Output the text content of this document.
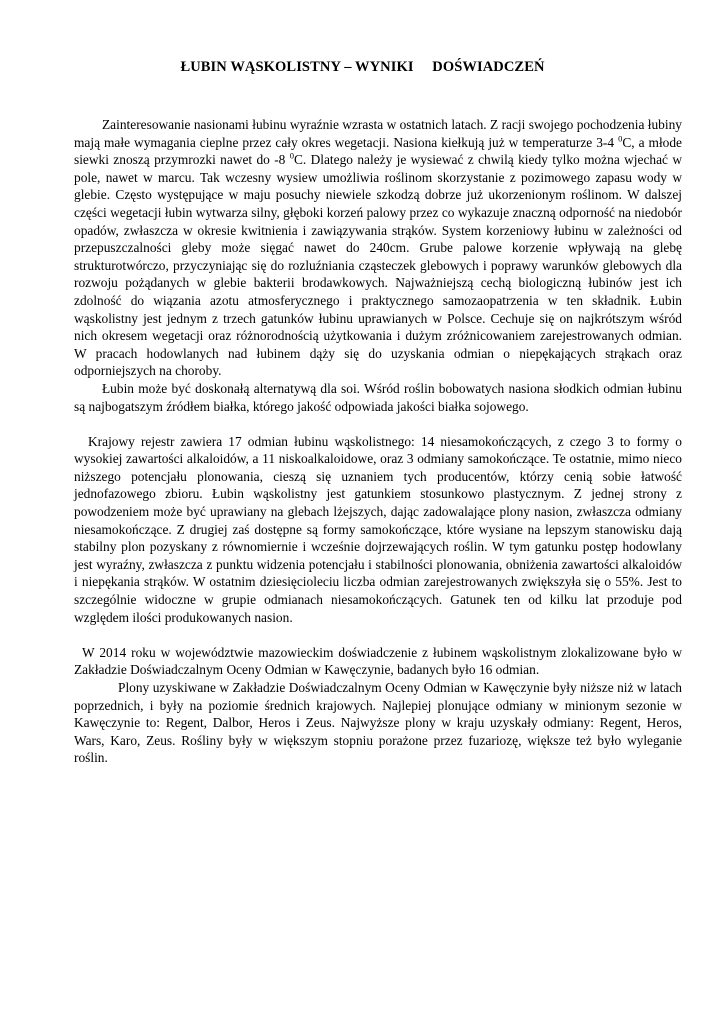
ŁUBIN WĄSKOLISTNY – WYNIKI     DOŚWIADCZEŃ

Zainteresowanie nasionami łubinu wyraźnie wzrasta w ostatnich latach. Z racji swojego pochodzenia łubiny mają małe wymagania cieplne przez cały okres wegetacji. Nasiona kiełkują już w temperaturze 3-4 $^0$C, a młode siewki znoszą przymrozki nawet do -8 $^0$C. Dlatego należy je wysiewać z chwilą kiedy tylko można wjechać w pole, nawet w marcu. Tak wczesny wysiew umożliwia roślinom skorzystanie z pozimowego zapasu wody w glebie. Często występujące w maju posuchy niewiele szkodzą dobrze już ukorzenionym roślinom. W dalszej części wegetacji łubin wytwarza silny, głęboki korzeń palowy przez co wykazuje znaczną odporność na niedobór opadów, zwłaszcza w okresie kwitnienia i zawiązywania strąków. System korzeniowy łubinu w zależności od przepuszczalności gleby może sięgać nawet do 240cm. Grube palowe korzenie wpływają na glebę strukturotwórczo, przyczyniając się do rozluźniania cząsteczek glebowych i poprawy warunków glebowych dla rozwoju pożądanych w glebie bakterii brodawkowych. Najważniejszą cechą biologiczną łubinów jest ich zdolność do wiązania azotu atmosferycznego i praktycznego samozaopatrzenia w ten składnik. Łubin wąskolistny jest jednym z trzech gatunków łubinu uprawianych w Polsce. Cechuje się on najkrótszym wśród nich okresem wegetacji oraz różnorodnością użytkowania i dużym zróżnicowaniem zarejestrowanych odmian. W pracach hodowlanych nad łubinem dąży się do uzyskania odmian o niepękających strąkach oraz odporniejszych na choroby.

Łubin może być doskonałą alternatywą dla soi. Wśród roślin bobowatych nasiona słodkich odmian łubinu są najbogatszym źródłem białka, którego jakość odpowiada jakości białka sojowego.

Krajowy rejestr zawiera 17 odmian łubinu wąskolistnego: 14 niesamokończących, z czego 3 to formy o wysokiej zawartości alkaloidów, a 11 niskoalkaloidowe, oraz 3 odmiany samokończące. Te ostatnie, mimo nieco niższego potencjału plonowania, cieszą się uznaniem tych producentów, którzy cenią sobie łatwość jednofazowego zbioru. Łubin wąskolistny jest gatunkiem stosunkowo plastycznym. Z jednej strony z powodzeniem może być uprawiany na glebach lżejszych, dając zadowalające plony nasion, zwłaszcza odmiany niesamokończące. Z drugiej zaś dostępne są formy samokończące, które wysiane na lepszym stanowisku dają stabilny plon pozyskany z równomiernie i wcześnie dojrzewających roślin. W tym gatunku postęp hodowlany jest wyraźny, zwłaszcza z punktu widzenia potencjału i stabilności plonowania, obniżenia zawartości alkaloidów i niepękania strąków. W ostatnim dziesięcioleciu liczba odmian zarejestrowanych zwiększyła się o 55%. Jest to szczególnie widoczne w grupie odmianach niesamokończących. Gatunek ten od kilku lat przoduje pod względem ilości produkowanych nasion.

W 2014 roku w województwie mazowieckim doświadczenie z łubinem wąskolistnym zlokalizowane było w Zakładzie Doświadczalnym Oceny Odmian w Kawęczynie, badanych było 16 odmian.

Plony uzyskiwane w Zakładzie Doświadczalnym Oceny Odmian w Kawęczynie były niższe niż w latach poprzednich, i były na poziomie średnich krajowych. Najlepiej plonujące odmiany w minionym sezonie w Kawęczynie to: Regent, Dalbor, Heros i Zeus. Najwyższe plony w kraju uzyskały odmiany: Regent, Heros, Wars, Karo, Zeus. Rośliny były w większym stopniu porażone przez fuzariozę, większe też było wyleganie roślin.
